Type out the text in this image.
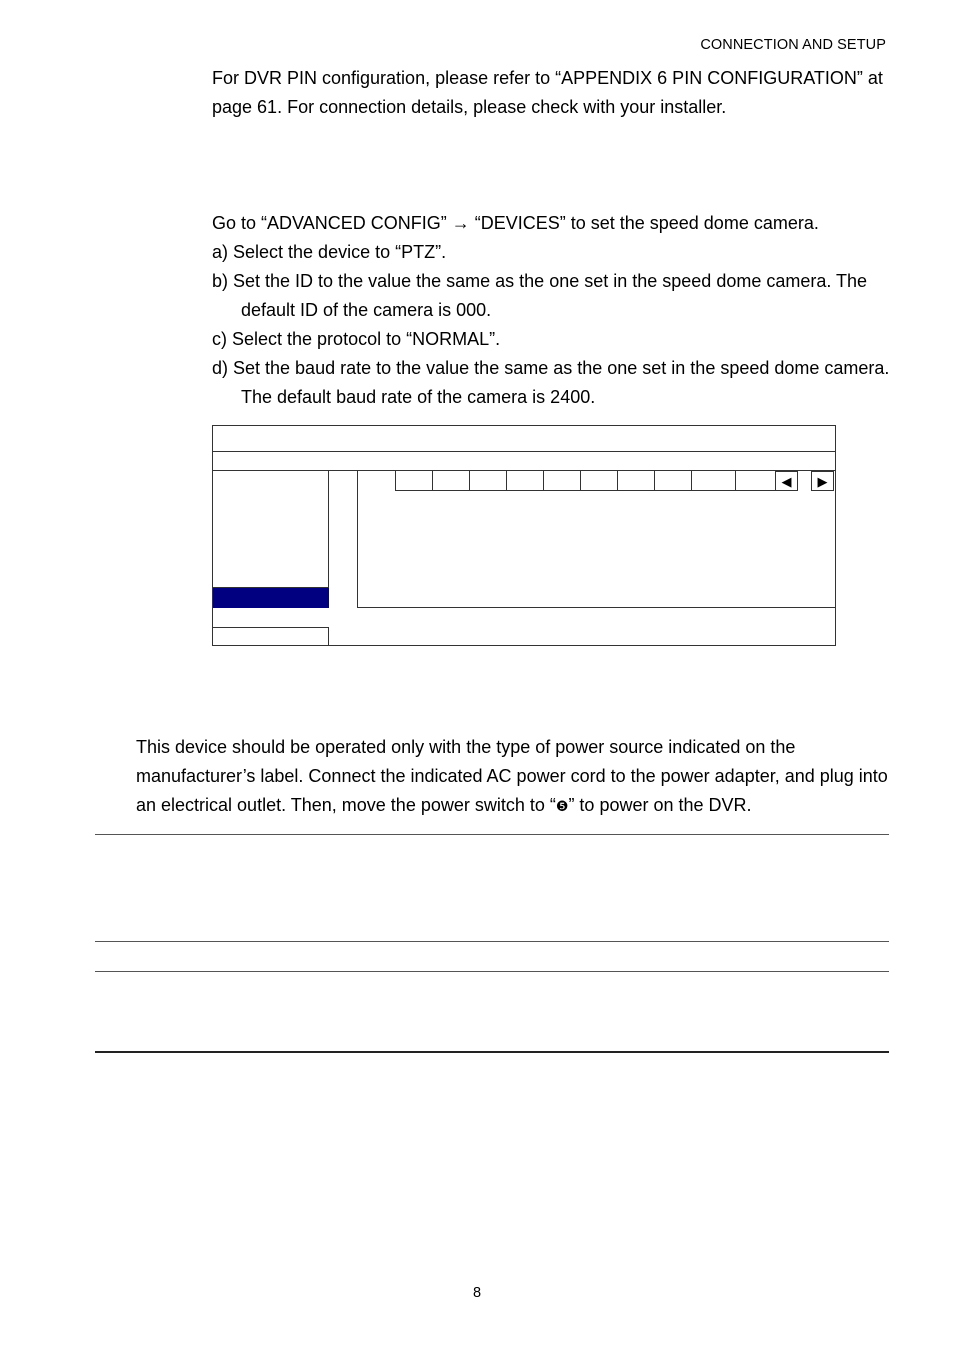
CONNECTION AND SETUP

For DVR PIN configuration, please refer to “APPENDIX 6 PIN CONFIGURATION” at page 61. For connection details, please check with your installer.

Go to “ADVANCED CONFIG” → “DEVICES” to set the speed dome camera.

a) Select the device to “PTZ”.

b) Set the ID to the value the same as the one set in the speed dome camera. The default ID of the camera is 000.

c) Select the protocol to “NORMAL”.

d) Set the baud rate to the value the same as the one set in the speed dome camera. The default baud rate of the camera is 2400.

◀	▶
This device should be operated only with the type of power source indicated on the manufacturer’s label. Connect the indicated AC power cord to the power adapter, and plug into an electrical outlet. Then, move the power switch to “❺” to power on the DVR.
8
